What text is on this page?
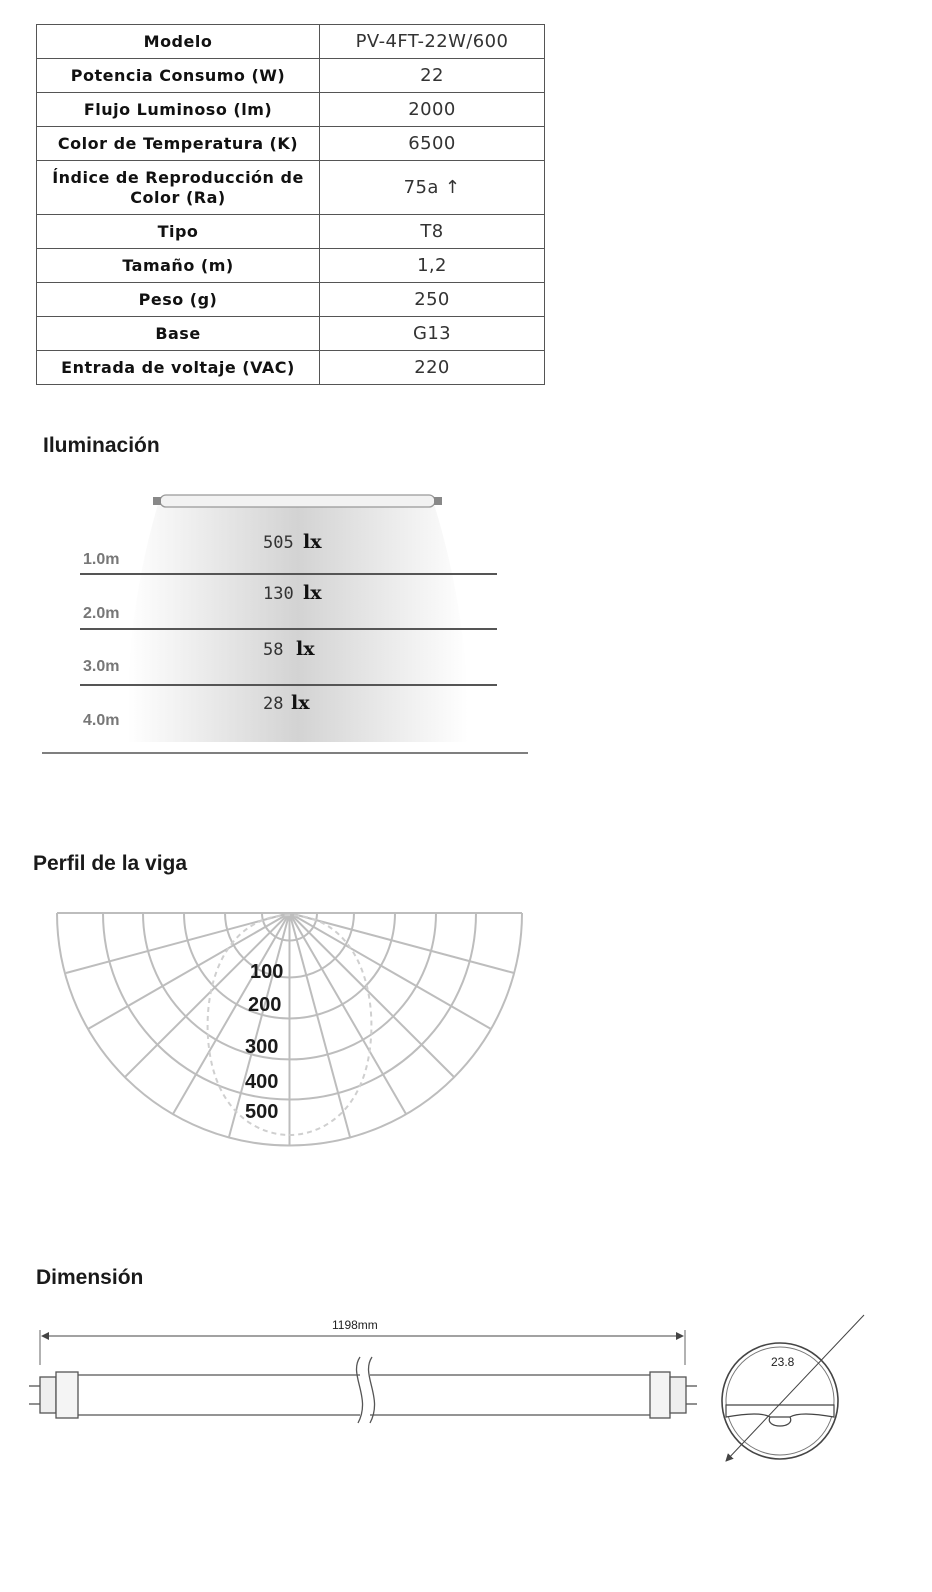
Modelo	PV-4FT-22W/600
Potencia Consumo (W)	22
Flujo Luminoso (lm)	2000
Color de Temperatura (K)	6500
Índice de Reproducción de Color (Ra)	75a ↑
Tipo	T8
Tamaño (m)	1,2
Peso (g)	250
Base	G13
Entrada de voltaje (VAC)	220
Iluminación
1.0m
2.0m
3.0m
4.0m
505 lx
130 lx
58 lx
28 lx
Perfil de la viga
100
200
300
400
500
Dimensión
1198mm
23.8
